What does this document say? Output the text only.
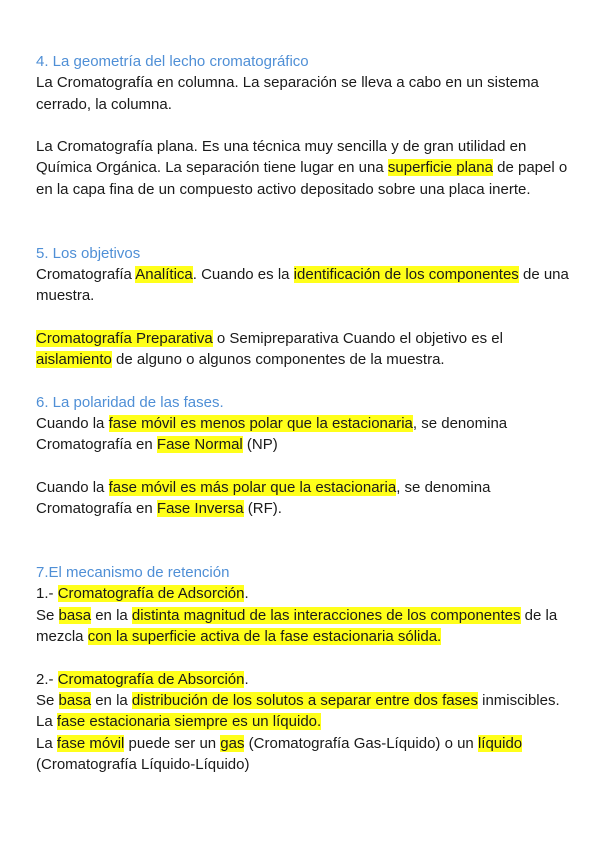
4. La geometría del lecho cromatográfico

La Cromatografía en columna. La separación se lleva a cabo en un sistema cerrado, la columna.

La Cromatografía plana. Es una técnica muy sencilla y de gran utilidad en Química Orgánica. La separación tiene lugar en una superficie plana de papel o en la capa fina de un compuesto activo depositado sobre una placa inerte.

5. Los objetivos

Cromatografía Analítica. Cuando es la identificación de los componentes de una muestra.

Cromatografía Preparativa o Semipreparativa Cuando el objetivo es el aislamiento de alguno o algunos componentes de la muestra.

6. La polaridad de las fases.

Cuando la fase móvil es menos polar que la estacionaria, se denomina Cromatografía en Fase Normal (NP)

Cuando la fase móvil es más polar que la estacionaria, se denomina Cromatografía en Fase Inversa (RF).

7.El mecanismo de retención

1.- Cromatografía de Adsorción.

Se basa en la distinta magnitud de las interacciones de los componentes de la mezcla con la superficie activa de la fase estacionaria sólida.

2.- Cromatografía de Absorción.

Se basa en la distribución de los solutos a separar entre dos fases inmiscibles. La fase estacionaria siempre es un líquido.

La fase móvil puede ser un gas (Cromatografía Gas-Líquido) o un líquido (Cromatografía Líquido-Líquido)
